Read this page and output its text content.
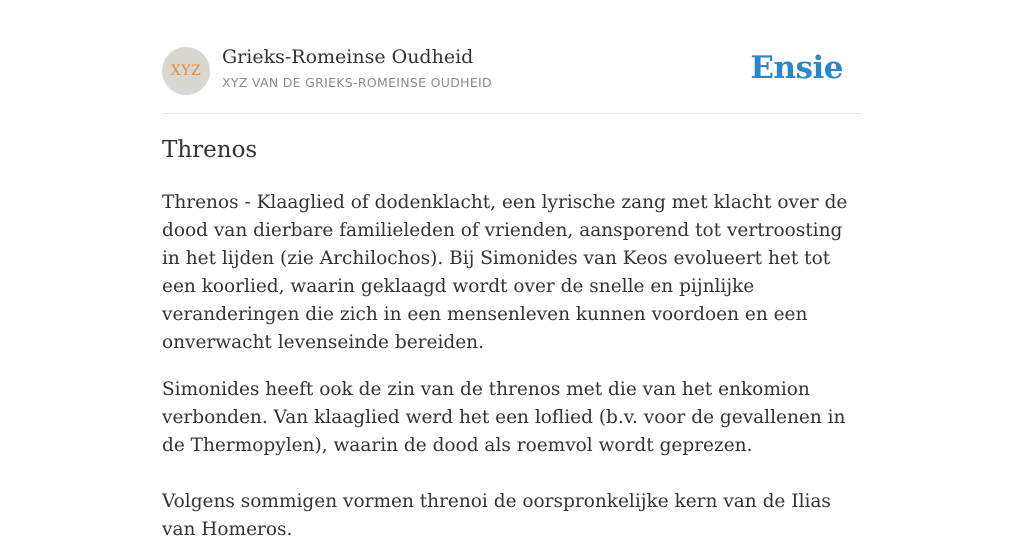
XYZ
Grieks-Romeinse Oudheid
XYZ VAN DE GRIEKS-ROMEINSE OUDHEID	Ensie
Threnos

Threnos - Klaaglied of dodenklacht, een lyrische zang met klacht over de dood van dierbare familieleden of vrienden, aansporend tot vertroosting in het lijden (zie Archilochos). Bij Simonides van Keos evolueert het tot een koorlied, waarin geklaagd wordt over de snelle en pijnlijke veranderingen die zich in een mensenleven kunnen voordoen en een onverwacht levenseinde bereiden.

Simonides heeft ook de zin van de threnos met die van het enkomion verbonden. Van klaaglied werd het een loflied (b.v. voor de gevallenen in de Thermopylen), waarin de dood als roemvol wordt geprezen.

Volgens sommigen vormen threnoi de oorspronkelijke kern van de Ilias van Homeros.
